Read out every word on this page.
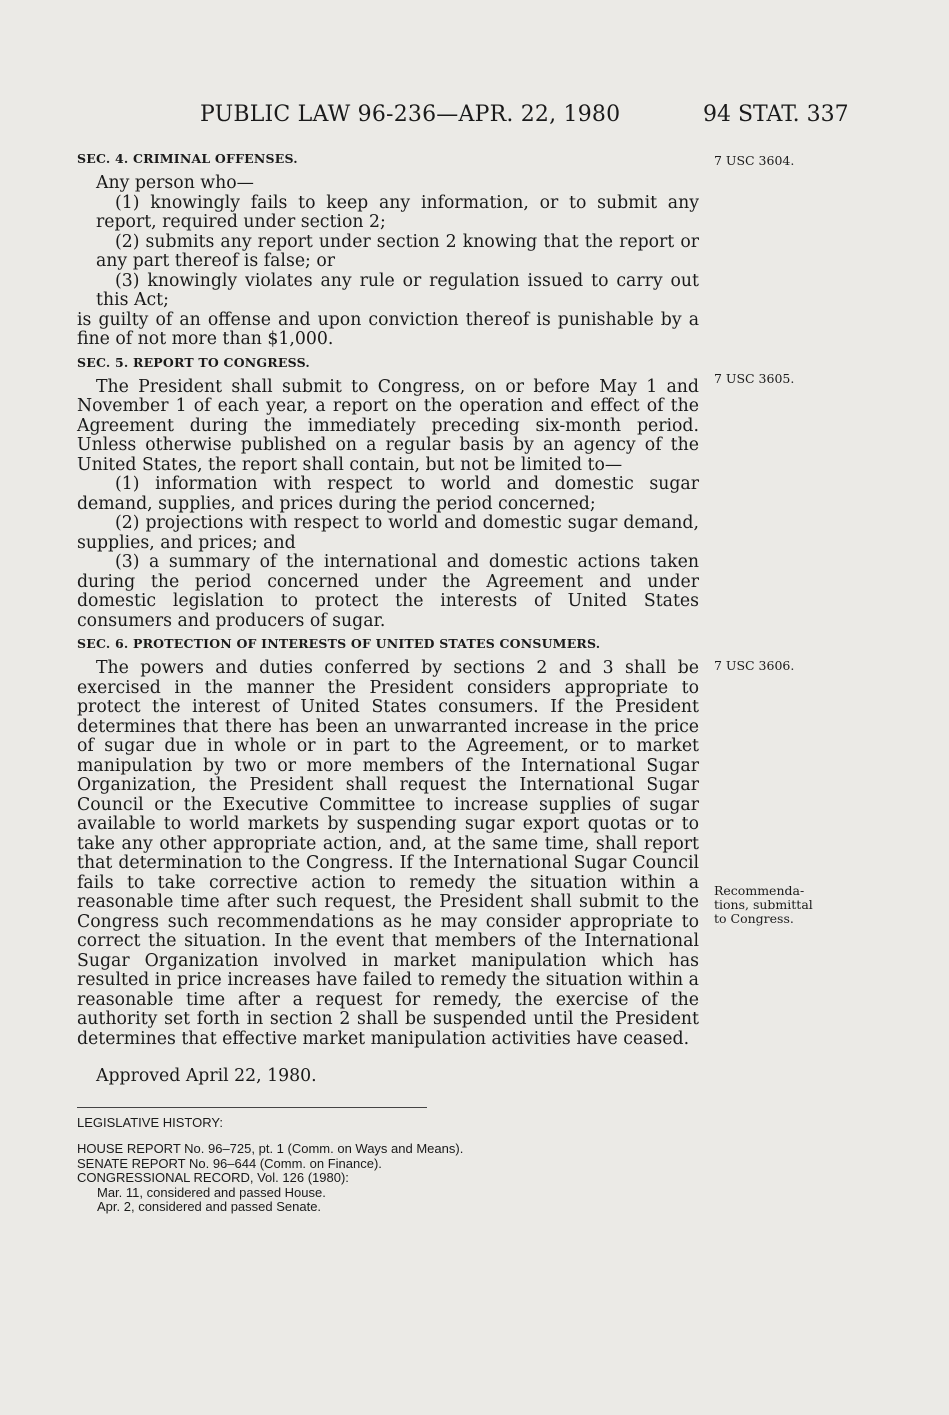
PUBLIC LAW 96-236—APR. 22, 1980	94 STAT. 337
7 USC 3604.
7 USC 3605.
7 USC 3606.
Recommenda-
tions, submittal
to Congress.
SEC. 4. CRIMINAL OFFENSES.

Any person who—

(1) knowingly fails to keep any information, or to submit any report, required under section 2;

(2) submits any report under section 2 knowing that the report or any part thereof is false; or

(3) knowingly violates any rule or regulation issued to carry out this Act;

is guilty of an offense and upon conviction thereof is punishable by a fine of not more than $1,000.

SEC. 5. REPORT TO CONGRESS.

The President shall submit to Congress, on or before May 1 and November 1 of each year, a report on the operation and effect of the Agreement during the immediately preceding six-month period. Unless otherwise published on a regular basis by an agency of the United States, the report shall contain, but not be limited to—

(1) information with respect to world and domestic sugar demand, supplies, and prices during the period concerned;

(2) projections with respect to world and domestic sugar demand, supplies, and prices; and

(3) a summary of the international and domestic actions taken during the period concerned under the Agreement and under domestic legislation to protect the interests of United States consumers and producers of sugar.

SEC. 6. PROTECTION OF INTERESTS OF UNITED STATES CONSUMERS.

The powers and duties conferred by sections 2 and 3 shall be exercised in the manner the President considers appropriate to protect the interest of United States consumers. If the President determines that there has been an unwarranted increase in the price of sugar due in whole or in part to the Agreement, or to market manipulation by two or more members of the International Sugar Organization, the President shall request the International Sugar Council or the Executive Committee to increase supplies of sugar available to world markets by suspending sugar export quotas or to take any other appropriate action, and, at the same time, shall report that determination to the Congress. If the International Sugar Council fails to take corrective action to remedy the situation within a reasonable time after such request, the President shall submit to the Congress such recommendations as he may consider appropriate to correct the situation. In the event that members of the International Sugar Organization involved in market manipulation which has resulted in price increases have failed to remedy the situation within a reasonable time after a request for remedy, the exercise of the authority set forth in section 2 shall be suspended until the President determines that effective market manipulation activities have ceased.

Approved April 22, 1980.

LEGISLATIVE HISTORY:
HOUSE REPORT No. 96–725, pt. 1 (Comm. on Ways and Means).
SENATE REPORT No. 96–644 (Comm. on Finance).
CONGRESSIONAL RECORD, Vol. 126 (1980):
Mar. 11, considered and passed House.
Apr. 2, considered and passed Senate.
